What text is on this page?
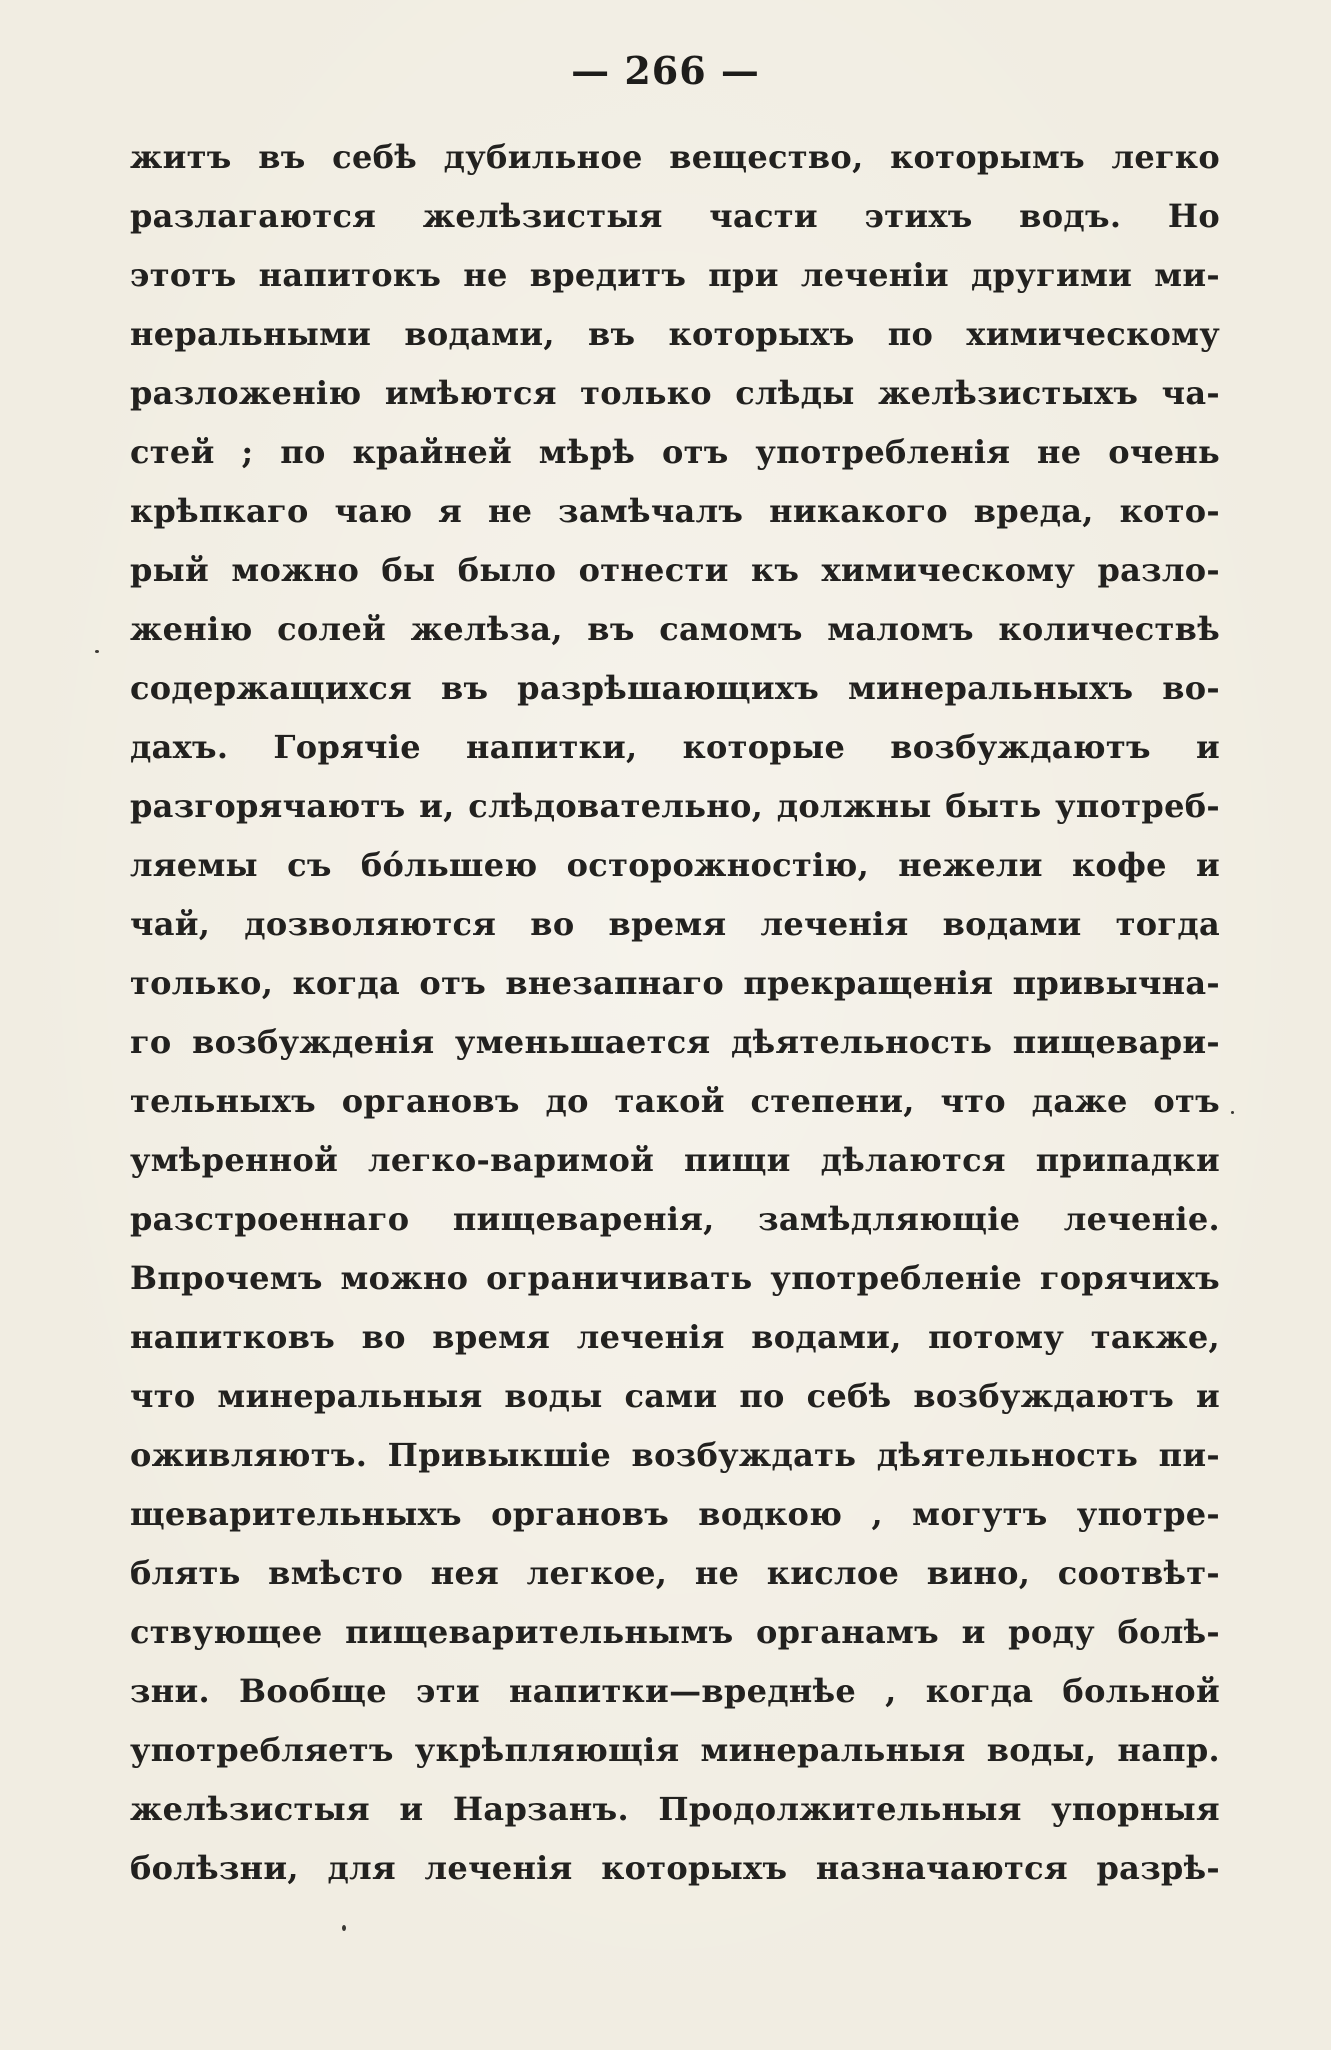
— 266 —
житъ въ себѣ дубильное вещество, которымъ легко
разлагаются желѣзистыя части этихъ водъ. Но
этотъ напитокъ не вредитъ при леченіи другими ми-
неральными водами, въ которыхъ по химическому
разложенію имѣются только слѣды желѣзистыхъ ча-
стей ; по крайней мѣрѣ отъ употребленія не очень
крѣпкаго чаю я не замѣчалъ никакого вреда, кото-
рый можно бы было отнести къ химическому разло-
женію солей желѣза, въ самомъ маломъ количествѣ
содержащихся въ разрѣшающихъ минеральныхъ во-
дахъ. Горячіе напитки, которые возбуждаютъ и
разгорячаютъ и, слѣдовательно, должны быть употреб-
ляемы съ бо́льшею осторожностію, нежели кофе и
чай, дозволяются во время леченія водами тогда
только, когда отъ внезапнаго прекращенія привычна-
го возбужденія уменьшается дѣятельность пищевари-
тельныхъ органовъ до такой степени, что даже отъ
умѣренной легко-варимой пищи дѣлаются припадки
разстроеннаго пищеваренія, замѣдляющіе леченіе.
Впрочемъ можно ограничивать употребленіе горячихъ
напитковъ во время леченія водами, потому также,
что минеральныя воды сами по себѣ возбуждаютъ и
оживляютъ. Привыкшіе возбуждать дѣятельность пи-
щеварительныхъ органовъ водкою , могутъ употре-
блять вмѣсто нея легкое, не кислое вино, соотвѣт-
ствующее пищеварительнымъ органамъ и роду болѣ-
зни. Вообще эти напитки—вреднѣе , когда больной
употребляетъ укрѣпляющія минеральныя воды, напр.
желѣзистыя и Нарзанъ. Продолжительныя упорныя
болѣзни, для леченія которыхъ назначаются разрѣ-
